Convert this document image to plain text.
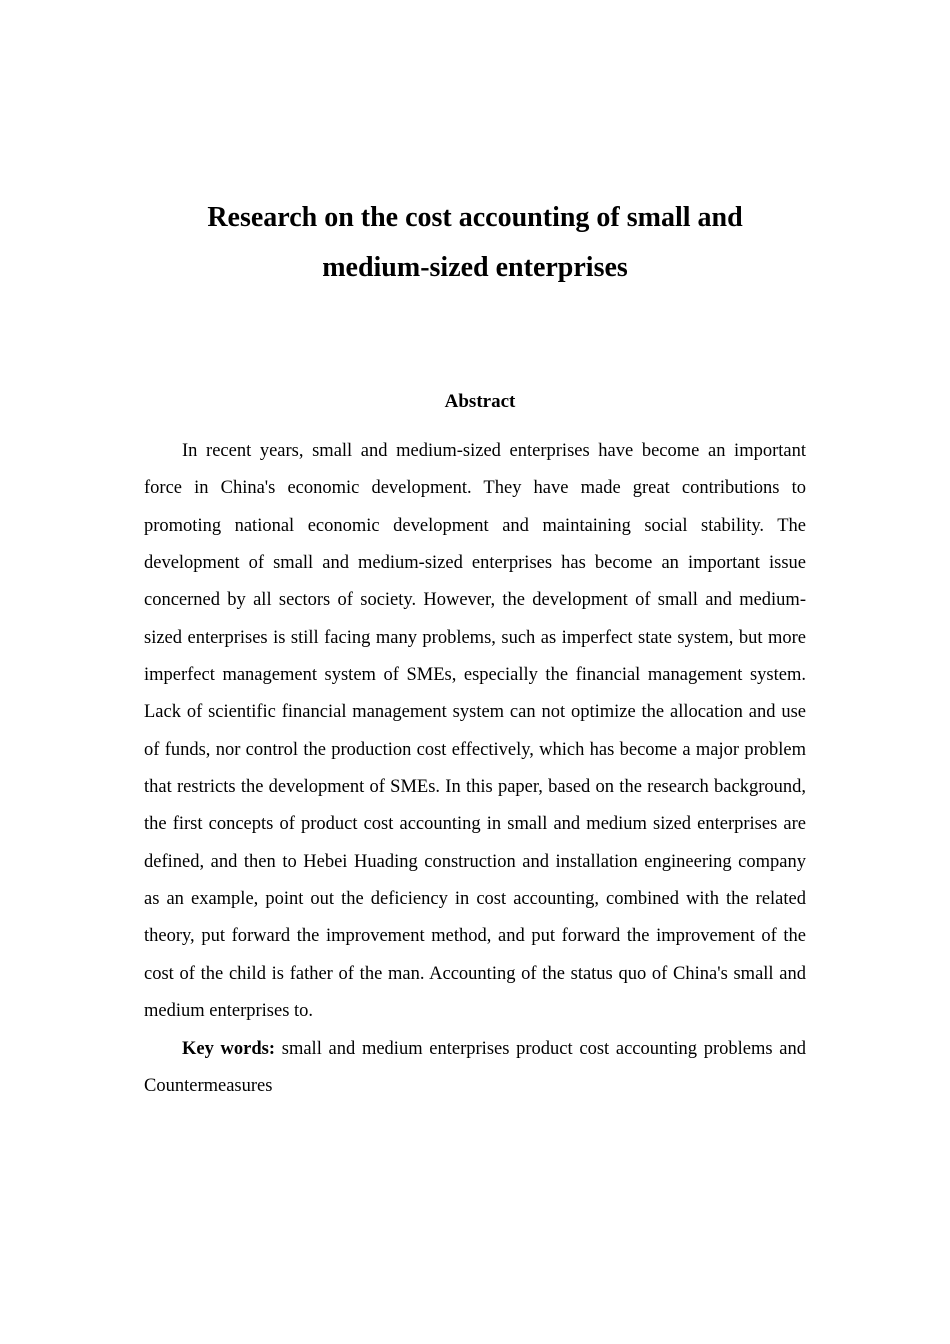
Research on the cost accounting of small and
medium-sized enterprises
Abstract

In recent years, small and medium-sized enterprises have become an important force in China's economic development. They have made great contributions to promoting national economic development and maintaining social stability. The development of small and medium-sized enterprises has become an important issue concerned by all sectors of society. However, the development of small and medium-sized enterprises is still facing many problems, such as imperfect state system, but more imperfect management system of SMEs, especially the financial management system. Lack of scientific financial management system can not optimize the allocation and use of funds, nor control the production cost effectively, which has become a major problem that restricts the development of SMEs. In this paper, based on the research background, the first concepts of product cost accounting in small and medium sized enterprises are defined, and then to Hebei Huading construction and installation engineering company as an example, point out the deficiency in cost accounting, combined with the related theory, put forward the improvement method, and put forward the improvement of the cost of the child is father of the man. Accounting of the status quo of China's small and medium enterprises to.

Key words: small and medium enterprises product cost accounting problems and Countermeasures
